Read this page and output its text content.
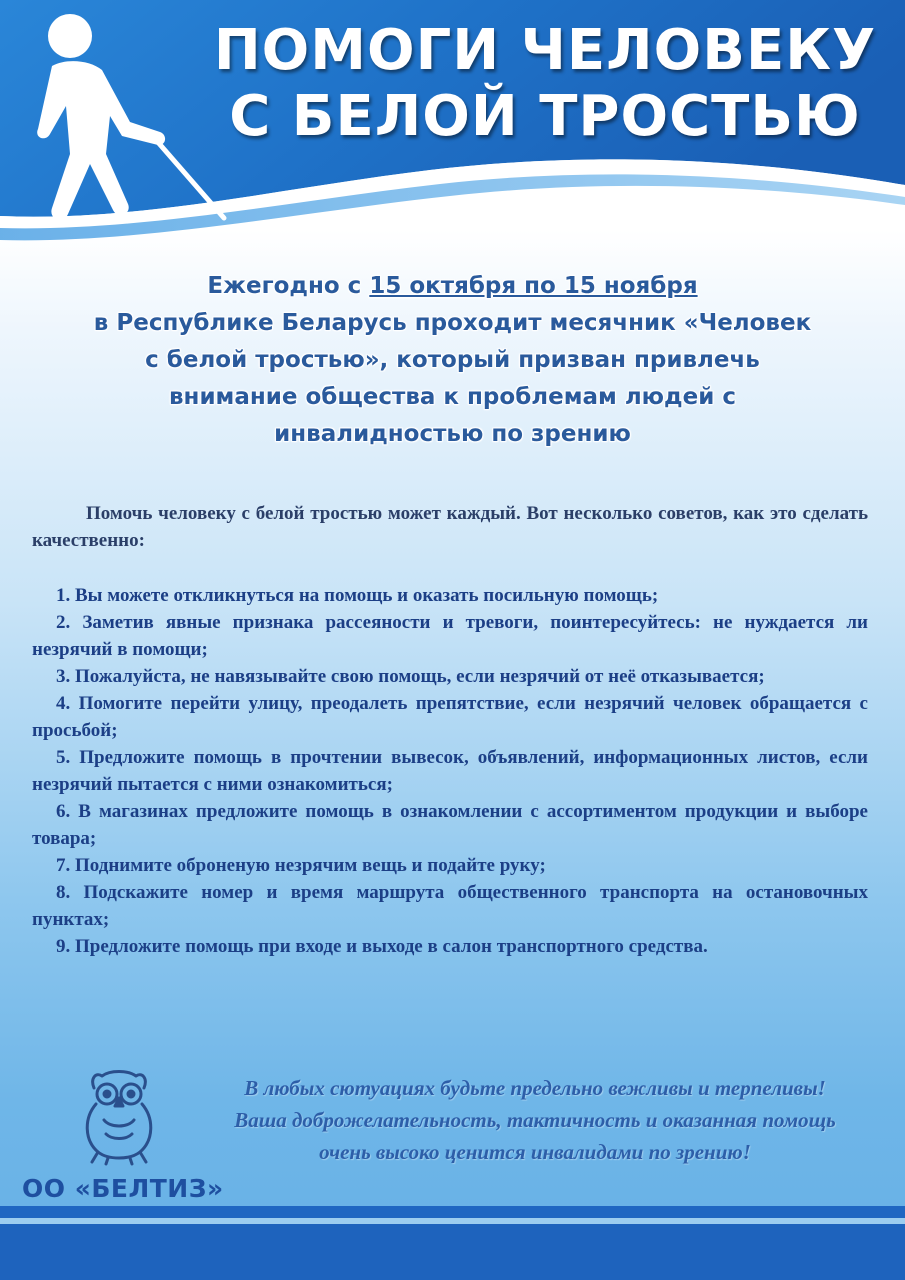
ПОМОГИ ЧЕЛОВЕКУ
С БЕЛОЙ ТРОСТЬЮ
Ежегодно с 15 октября по 15 ноября
в Республике Беларусь проходит месячник «Человек
с белой тростью», который призван привлечь
внимание общества к проблемам людей с
инвалидностью по зрению

Помочь человеку с белой тростью может каждый. Вот несколько советов, как это сделать качественно:

1. Вы можете откликнуться на помощь и оказать посильную помощь;
2. Заметив явные признака рассеяности и тревоги, поинтересуйтесь: не нуждается ли незрячий в помощи;
3. Пожалуйста, не навязывайте свою помощь, если незрячий от неё отказывается;
4. Помогите перейти улицу, преодалеть препятствие, если незрячий человек обращается с просьбой;
5. Предложите помощь в прочтении вывесок, объявлений, информационных листов, если незрячий пытается с ними ознакомиться;
6. В магазинах предложите помощь в ознакомлении с ассортиментом продукции и выборе товара;
7. Поднимите оброненую незрячим вещь и подайте руку;
8. Подскажите номер и время маршрута общественного транспорта на остановочных пунктах;
9. Предложите помощь при входе и выходе в салон транспортного средства.
В любых сютуациях будьте предельно вежливы и терпеливы!
Ваша доброжелательность, тактичность и оказанная помощь
очень высоко ценится инвалидами по зрению!
ОО «БЕЛТИЗ»
